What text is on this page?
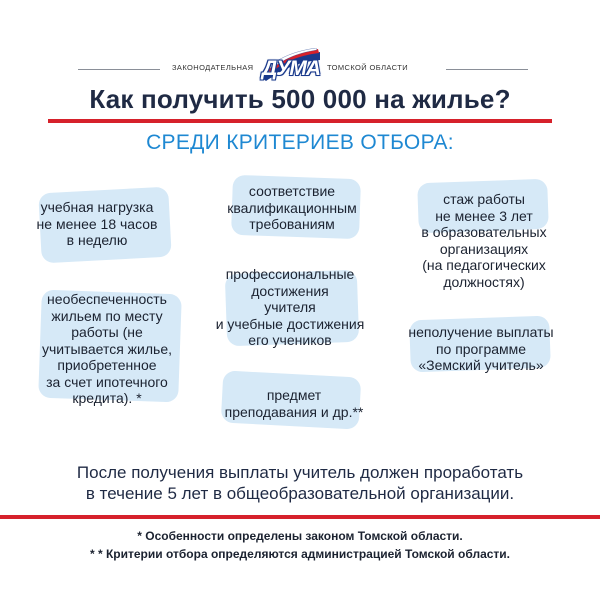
ЗАКОНОДАТЕЛЬНАЯ ДУМА ТОМСКОЙ ОБЛАСТИ
Как получить 500 000 на жилье?
СРЕДИ КРИТЕРИЕВ ОТБОРА:
учебная нагрузка
не менее 18 часов
в неделю
соответствие
квалификационным
требованиям
стаж работы
не менее 3 лет
в образовательных
организациях
(на педагогических
должностях)
профессиональные
достижения
учителя
и учебные достижения
его учеников
необеспеченность
жильем по месту
работы (не
учитывается жилье,
приобретенное
за счет ипотечного
кредита). *
неполучение выплаты
по программе
«Земский учитель»
предмет
преподавания и др.**
После получения выплаты учитель должен проработать
в течение 5 лет в общеобразовательной организации.
* Особенности определены законом Томской области.
* * Критерии отбора определяются администрацией Томской области.
